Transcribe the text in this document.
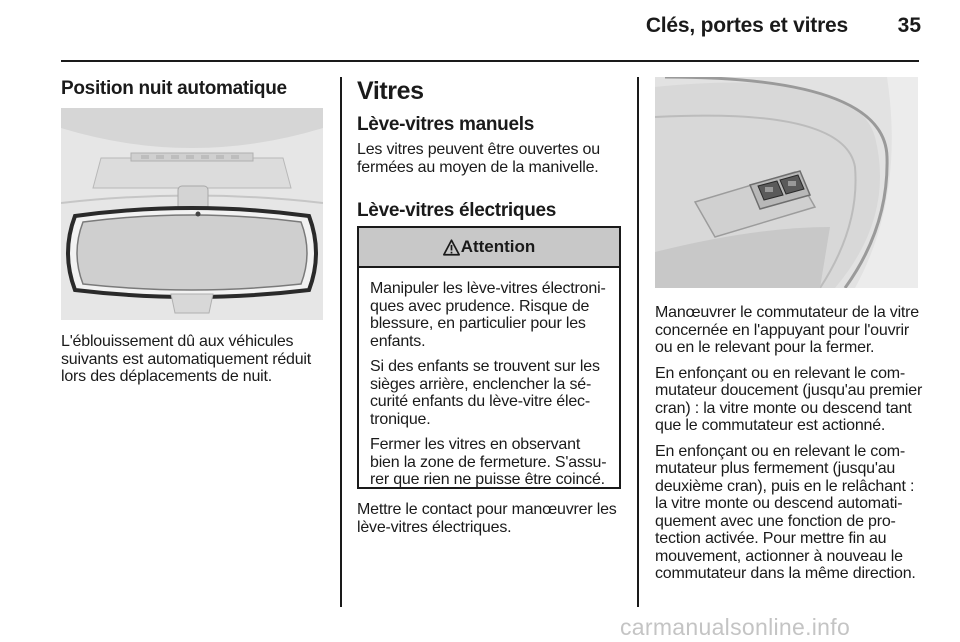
Clés, portes et vitres	35
Position nuit automatique
L'éblouissement dû aux véhicules suivants est automatiquement réduit lors des déplacements de nuit.
Vitres
Lève-vitres manuels
Les vitres peuvent être ouvertes ou fermées au moyen de la manivelle.
Lève-vitres électriques
Attention

Manipuler les lève-vitres électroniques avec prudence. Risque de blessure, en particulier pour les enfants.

Si des enfants se trouvent sur les sièges arrière, enclencher la sécurité enfants du lève-vitre électronique.

Fermer les vitres en observant bien la zone de fermeture. S'assurer que rien ne puisse être coincé.

Mettre le contact pour manœuvrer les lève-vitres électriques.

Manœuvrer le commutateur de la vitre concernée en l'appuyant pour l'ouvrir ou en le relevant pour la fermer.

En enfonçant ou en relevant le commutateur doucement (jusqu'au premier cran) : la vitre monte ou descend tant que le commutateur est actionné.

En enfonçant ou en relevant le commutateur plus fermement (jusqu'au deuxième cran), puis en le relâchant : la vitre monte ou descend automatiquement avec une fonction de protection activée. Pour mettre fin au mouvement, actionner à nouveau le commutateur dans la même direction.

carmanualsonline.info
